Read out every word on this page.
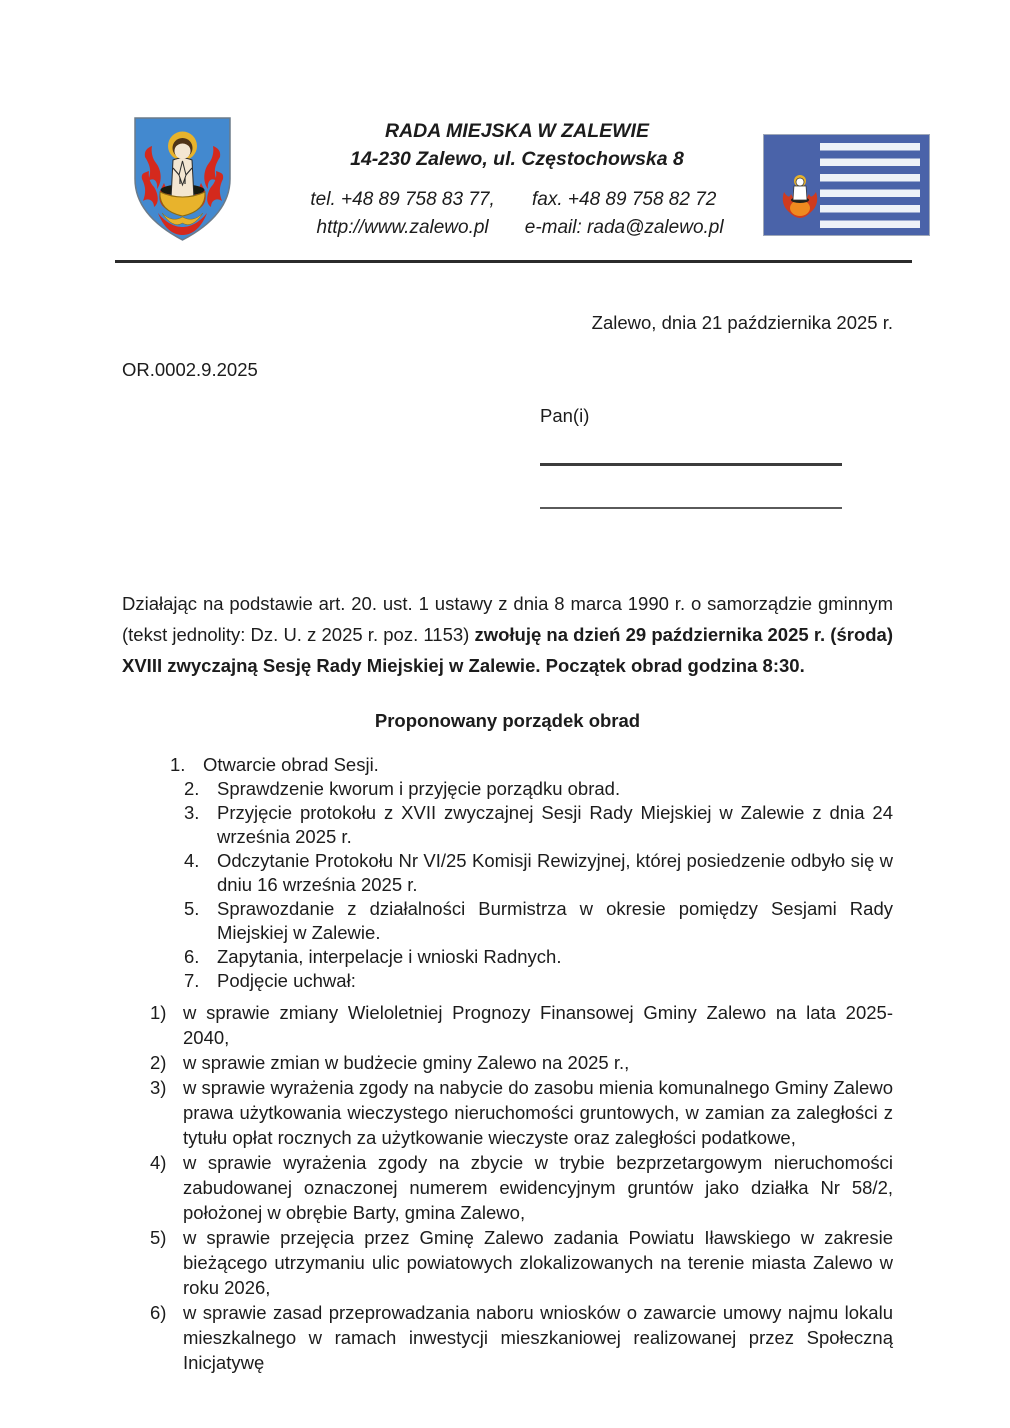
RADA MIEJSKA W ZALEWIE
14-230 Zalewo, ul. Częstochowska 8
tel. +48 89 758 83 77,	fax. +48 89 758 82 72
http://www.zalewo.pl	e-mail: rada@zalewo.pl
Zalewo, dnia 21 października 2025 r.
OR.0002.9.2025
Pan(i)

Działając na podstawie art. 20. ust. 1 ustawy z dnia 8 marca 1990 r. o samorządzie gminnym (tekst jednolity: Dz. U. z 2025 r. poz. 1153) zwołuję na dzień 29 października 2025 r. (środa) XVIII zwyczajną Sesję Rady Miejskiej w Zalewie. Początek obrad godzina 8:30.

Proponowany porządek obrad
1. Otwarcie obrad Sesji.
2. Sprawdzenie kworum i przyjęcie porządku obrad.
3. Przyjęcie protokołu z XVII zwyczajnej Sesji Rady Miejskiej w Zalewie z dnia 24 września 2025 r.
4. Odczytanie Protokołu Nr VI/25 Komisji Rewizyjnej, której posiedzenie odbyło się w dniu 16 września 2025 r.
5. Sprawozdanie z działalności Burmistrza w okresie pomiędzy Sesjami Rady Miejskiej w Zalewie.
6. Zapytania, interpelacje i wnioski Radnych.
7. Podjęcie uchwał:
1) w sprawie zmiany Wieloletniej Prognozy Finansowej Gminy Zalewo na lata 2025- 2040,
2) w sprawie zmian w budżecie gminy Zalewo na 2025 r.,
3) w sprawie wyrażenia zgody na nabycie do zasobu mienia komunalnego Gminy Zalewo prawa użytkowania wieczystego nieruchomości gruntowych, w zamian za zaległości z tytułu opłat rocznych za użytkowanie wieczyste oraz zaległości podatkowe,
4) w sprawie wyrażenia zgody na zbycie w trybie bezprzetargowym nieruchomości zabudowanej oznaczonej numerem ewidencyjnym gruntów jako działka Nr 58/2, położonej w obrębie Barty, gmina Zalewo,
5) w sprawie przejęcia przez Gminę Zalewo zadania Powiatu Iławskiego w zakresie bieżącego utrzymaniu ulic powiatowych zlokalizowanych na terenie miasta Zalewo w roku 2026,
6) w sprawie zasad przeprowadzania naboru wniosków o zawarcie umowy najmu lokalu mieszkalnego w ramach inwestycji mieszkaniowej realizowanej przez Społeczną Inicjatywę
